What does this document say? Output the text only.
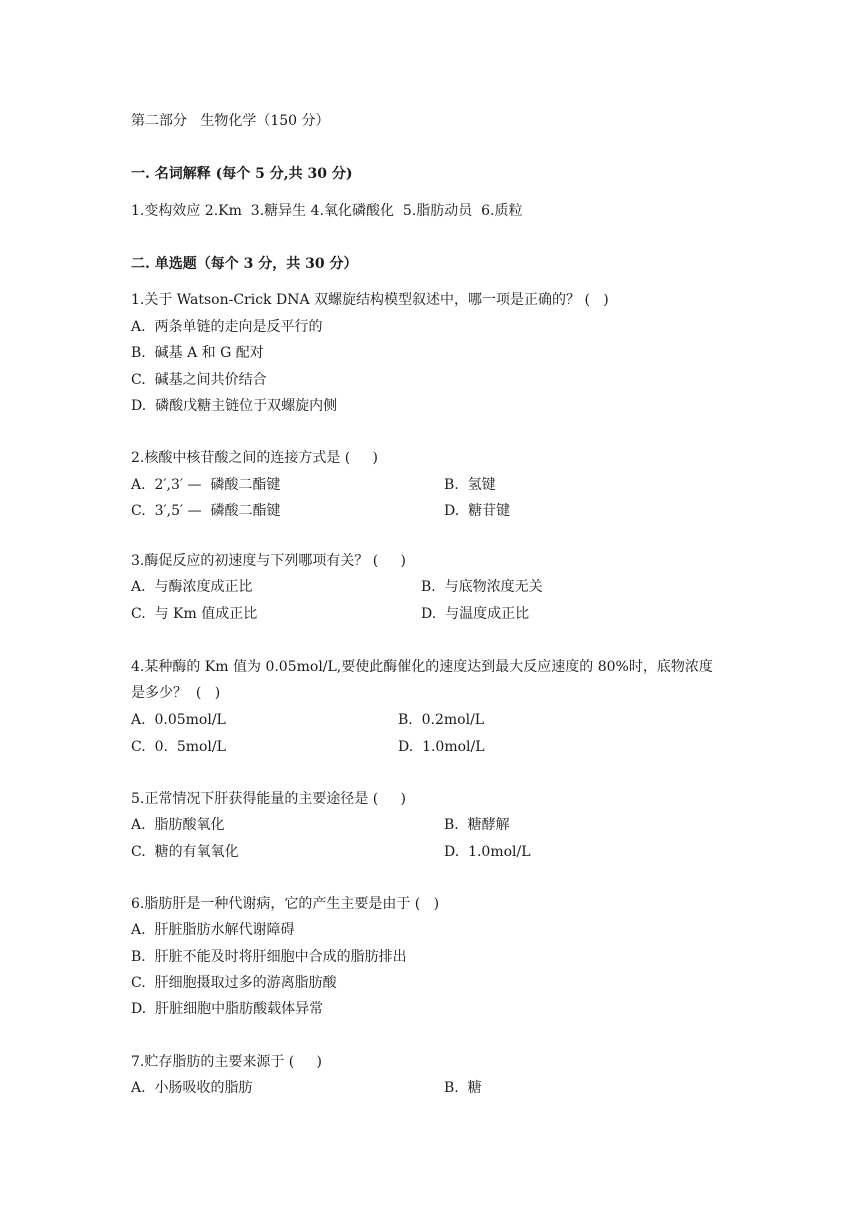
第二部分   生物化学（150 分）
一. 名词解释 (每个 5 分,共 30 分)
1.变构效应 2.Km  3.糖异生 4.氧化磷酸化  5.脂肪动员  6.质粒
二. 单选题（每个 3 分，共 30 分）
1.关于 Watson-Crick DNA 双螺旋结构模型叙述中，哪一项是正确的？ (   )
A.  两条单链的走向是反平行的
B.  碱基 A 和 G 配对
C.  碱基之间共价结合
D.  磷酸戊糖主链位于双螺旋内侧
2.核酸中核苷酸之间的连接方式是 (     )
A.  2′,3′ —  磷酸二酯键	B.  氢键
C.  3′,5′ —  磷酸二酯键	D.  糖苷键
3.酶促反应的初速度与下列哪项有关？ (     )
A.  与酶浓度成正比	B.  与底物浓度无关
C.  与 Km 值成正比	D.  与温度成正比
4.某种酶的 Km 值为 0.05mol/L,要使此酶催化的速度达到最大反应速度的 80%时，底物浓度
是多少？  (   )
A.  0.05mol/L	B.  0.2mol/L
C.  0.  5mol/L	D.  1.0mol/L
5.正常情况下肝获得能量的主要途径是 (     )
A.  脂肪酸氧化	B.  糖酵解
C.  糖的有氧氧化	D.  1.0mol/L
6.脂肪肝是一种代谢病，它的产生主要是由于 (   )
A.  肝脏脂肪水解代谢障碍
B.  肝脏不能及时将肝细胞中合成的脂肪排出
C.  肝细胞摄取过多的游离脂肪酸
D.  肝脏细胞中脂肪酸载体异常
7.贮存脂肪的主要来源于 (     )
A.  小肠吸收的脂肪	B.  糖
